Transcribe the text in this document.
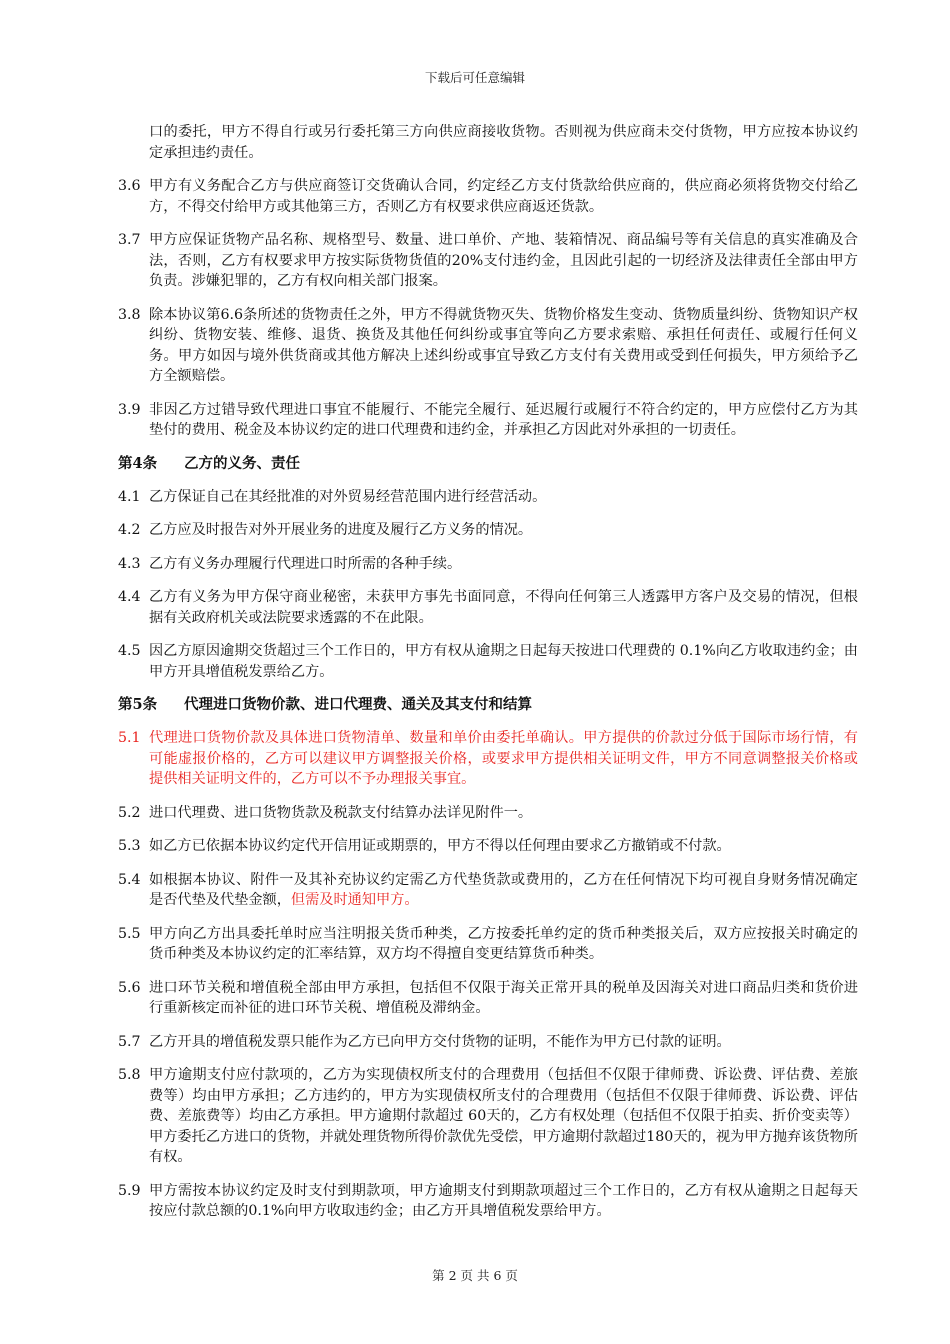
下载后可任意编辑
口的委托，甲方不得自行或另行委托第三方向供应商接收货物。否则视为供应商未交付货物，甲方应按本协议约定承担违约责任。
3.6 甲方有义务配合乙方与供应商签订交货确认合同，约定经乙方支付货款给供应商的，供应商必须将货物交付给乙方，不得交付给甲方或其他第三方，否则乙方有权要求供应商返还货款。
3.7 甲方应保证货物产品名称、规格型号、数量、进口单价、产地、装箱情况、商品编号等有关信息的真实准确及合法，否则，乙方有权要求甲方按实际货物货值的20%支付违约金，且因此引起的一切经济及法律责任全部由甲方负责。涉嫌犯罪的，乙方有权向相关部门报案。
3.8 除本协议第6.6条所述的货物责任之外，甲方不得就货物灭失、货物价格发生变动、货物质量纠纷、货物知识产权纠纷、货物安装、维修、退货、换货及其他任何纠纷或事宜等向乙方要求索赔、承担任何责任、或履行任何义务。甲方如因与境外供货商或其他方解决上述纠纷或事宜导致乙方支付有关费用或受到任何损失，甲方须给予乙方全额赔偿。
3.9 非因乙方过错导致代理进口事宜不能履行、不能完全履行、延迟履行或履行不符合约定的，甲方应偿付乙方为其垫付的费用、税金及本协议约定的进口代理费和违约金，并承担乙方因此对外承担的一切责任。
第4条	乙方的义务、责任
4.1 乙方保证自己在其经批准的对外贸易经营范围内进行经营活动。
4.2 乙方应及时报告对外开展业务的进度及履行乙方义务的情况。
4.3 乙方有义务办理履行代理进口时所需的各种手续。
4.4 乙方有义务为甲方保守商业秘密，未获甲方事先书面同意，不得向任何第三人透露甲方客户及交易的情况，但根据有关政府机关或法院要求透露的不在此限。
4.5 因乙方原因逾期交货超过三个工作日的，甲方有权从逾期之日起每天按进口代理费的 0.1%向乙方收取违约金；由甲方开具增值税发票给乙方。
第5条	代理进口货物价款、进口代理费、通关及其支付和结算
5.1 代理进口货物价款及具体进口货物清单、数量和单价由委托单确认。甲方提供的价款过分低于国际市场行情，有可能虚报价格的，乙方可以建议甲方调整报关价格，或要求甲方提供相关证明文件，甲方不同意调整报关价格或提供相关证明文件的，乙方可以不予办理报关事宜。
5.2 进口代理费、进口货物货款及税款支付结算办法详见附件一。
5.3 如乙方已依据本协议约定代开信用证或期票的，甲方不得以任何理由要求乙方撤销或不付款。
5.4 如根据本协议、附件一及其补充协议约定需乙方代垫货款或费用的，乙方在任何情况下均可视自身财务情况确定是否代垫及代垫金额，但需及时通知甲方。
5.5 甲方向乙方出具委托单时应当注明报关货币种类，乙方按委托单约定的货币种类报关后，双方应按报关时确定的货币种类及本协议约定的汇率结算，双方均不得擅自变更结算货币种类。
5.6 进口环节关税和增值税全部由甲方承担，包括但不仅限于海关正常开具的税单及因海关对进口商品归类和货价进行重新核定而补征的进口环节关税、增值税及滞纳金。
5.7 乙方开具的增值税发票只能作为乙方已向甲方交付货物的证明，不能作为甲方已付款的证明。
5.8 甲方逾期支付应付款项的，乙方为实现债权所支付的合理费用（包括但不仅限于律师费、诉讼费、评估费、差旅费等）均由甲方承担；乙方违约的，甲方为实现债权所支付的合理费用（包括但不仅限于律师费、诉讼费、评估费、差旅费等）均由乙方承担。甲方逾期付款超过 60天的，乙方有权处理（包括但不仅限于拍卖、折价变卖等）甲方委托乙方进口的货物，并就处理货物所得价款优先受偿，甲方逾期付款超过180天的，视为甲方抛弃该货物所有权。
5.9 甲方需按本协议约定及时支付到期款项，甲方逾期支付到期款项超过三个工作日的，乙方有权从逾期之日起每天按应付款总额的0.1%向甲方收取违约金；由乙方开具增值税发票给甲方。
第 2 页 共 6 页
